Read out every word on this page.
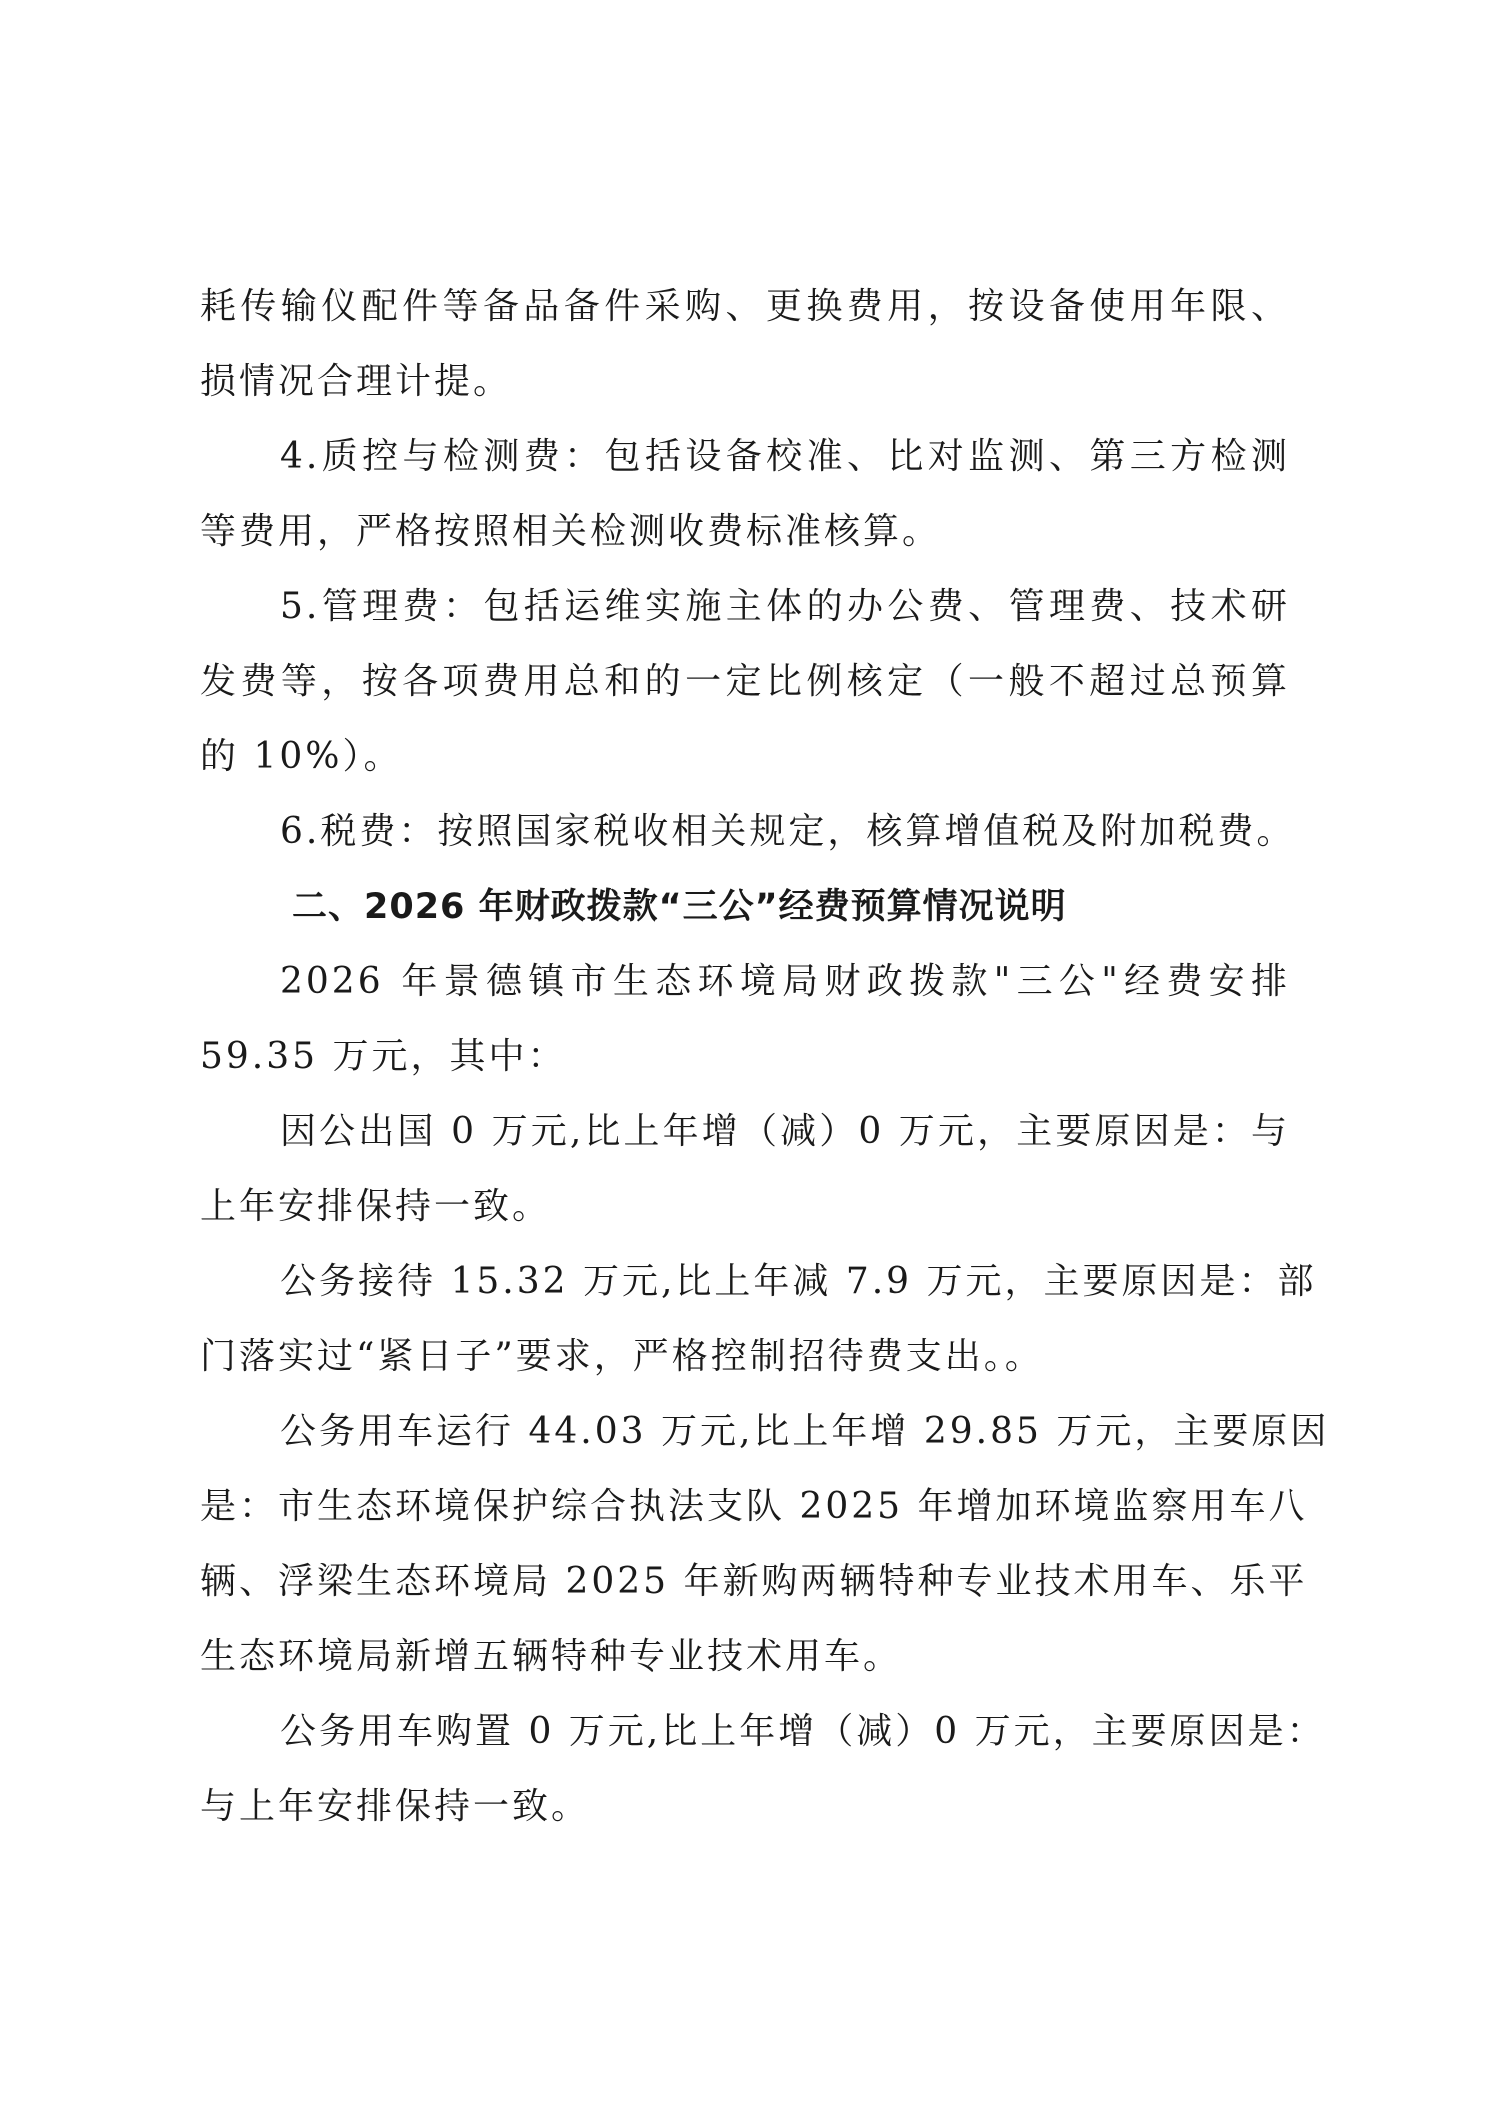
耗传输仪配件等备品备件采购、更换费用，按设备使用年限、
损情况合理计提。
4.质控与检测费：包括设备校准、比对监测、第三方检测
等费用，严格按照相关检测收费标准核算。
5.管理费：包括运维实施主体的办公费、管理费、技术研
发费等，按各项费用总和的一定比例核定（一般不超过总预算
的 10%）。
6.税费：按照国家税收相关规定，核算增值税及附加税费。
二、2026 年财政拨款“三公”经费预算情况说明
2026 年景德镇市生态环境局财政拨款"三公"经费安排
59.35 万元，其中：
因公出国 0 万元,比上年增（减）0 万元，主要原因是：与
上年安排保持一致。
公务接待 15.32 万元,比上年减 7.9 万元，主要原因是：部
门落实过“紧日子”要求，严格控制招待费支出。。
公务用车运行 44.03 万元,比上年增 29.85 万元，主要原因
是：市生态环境保护综合执法支队 2025 年增加环境监察用车八
辆、浮梁生态环境局 2025 年新购两辆特种专业技术用车、乐平
生态环境局新增五辆特种专业技术用车。
公务用车购置 0 万元,比上年增（减）0 万元，主要原因是：
与上年安排保持一致。
